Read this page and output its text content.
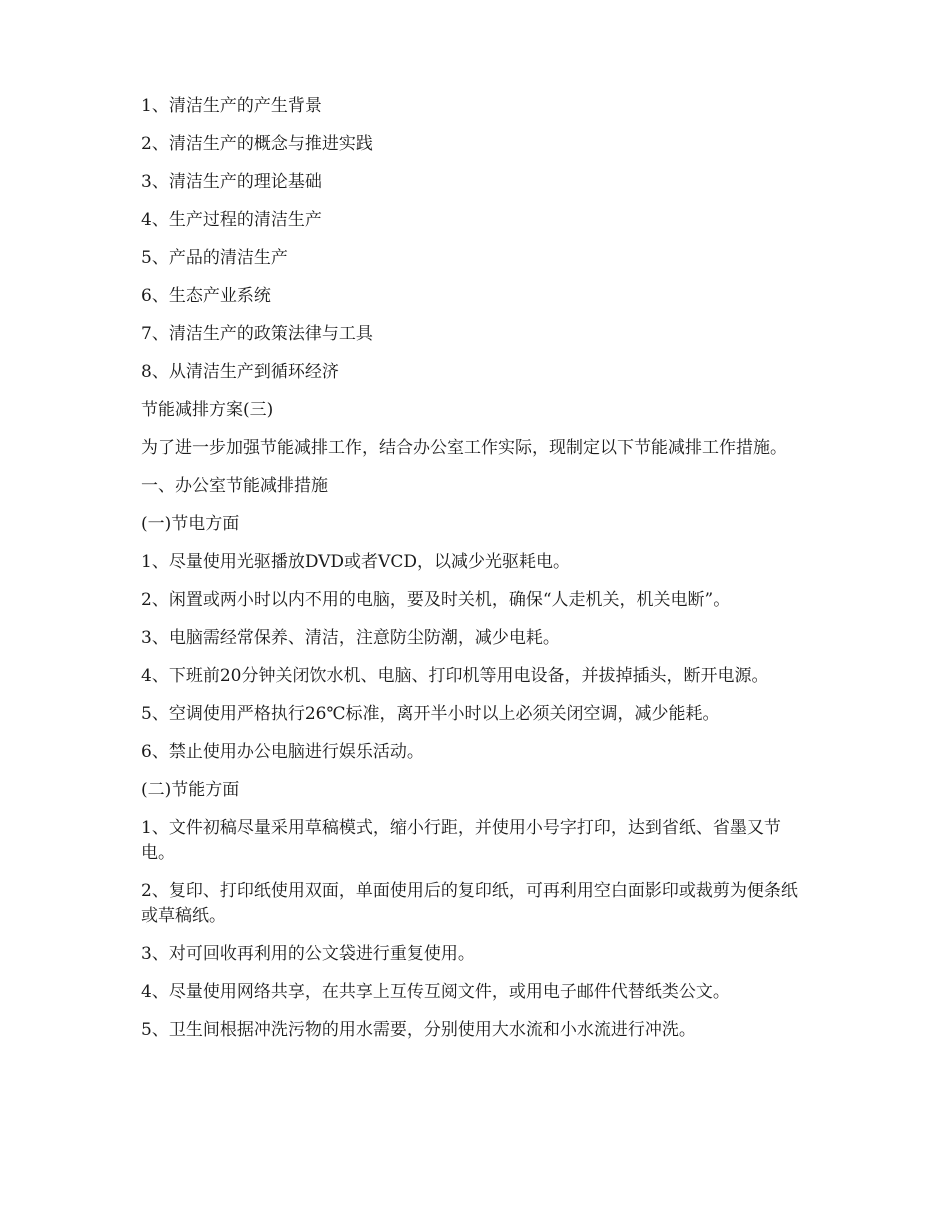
1、清洁生产的产生背景

2、清洁生产的概念与推进实践

3、清洁生产的理论基础

4、生产过程的清洁生产

5、产品的清洁生产

6、生态产业系统

7、清洁生产的政策法律与工具

8、从清洁生产到循环经济

节能减排方案(三)

为了进一步加强节能减排工作，结合办公室工作实际，现制定以下节能减排工作措施。

一、办公室节能减排措施

(一)节电方面

1、尽量使用光驱播放DVD或者VCD，以减少光驱耗电。

2、闲置或两小时以内不用的电脑，要及时关机，确保“人走机关，机关电断”。

3、电脑需经常保养、清洁，注意防尘防潮，减少电耗。

4、下班前20分钟关闭饮水机、电脑、打印机等用电设备，并拔掉插头，断开电源。

5、空调使用严格执行26℃标准，离开半小时以上必须关闭空调，减少能耗。

6、禁止使用办公电脑进行娱乐活动。

(二)节能方面

1、文件初稿尽量采用草稿模式，缩小行距，并使用小号字打印，达到省纸、省墨又节电。

2、复印、打印纸使用双面，单面使用后的复印纸，可再利用空白面影印或裁剪为便条纸或草稿纸。

3、对可回收再利用的公文袋进行重复使用。

4、尽量使用网络共享，在共享上互传互阅文件，或用电子邮件代替纸类公文。

5、卫生间根据冲洗污物的用水需要，分别使用大水流和小水流进行冲洗。
